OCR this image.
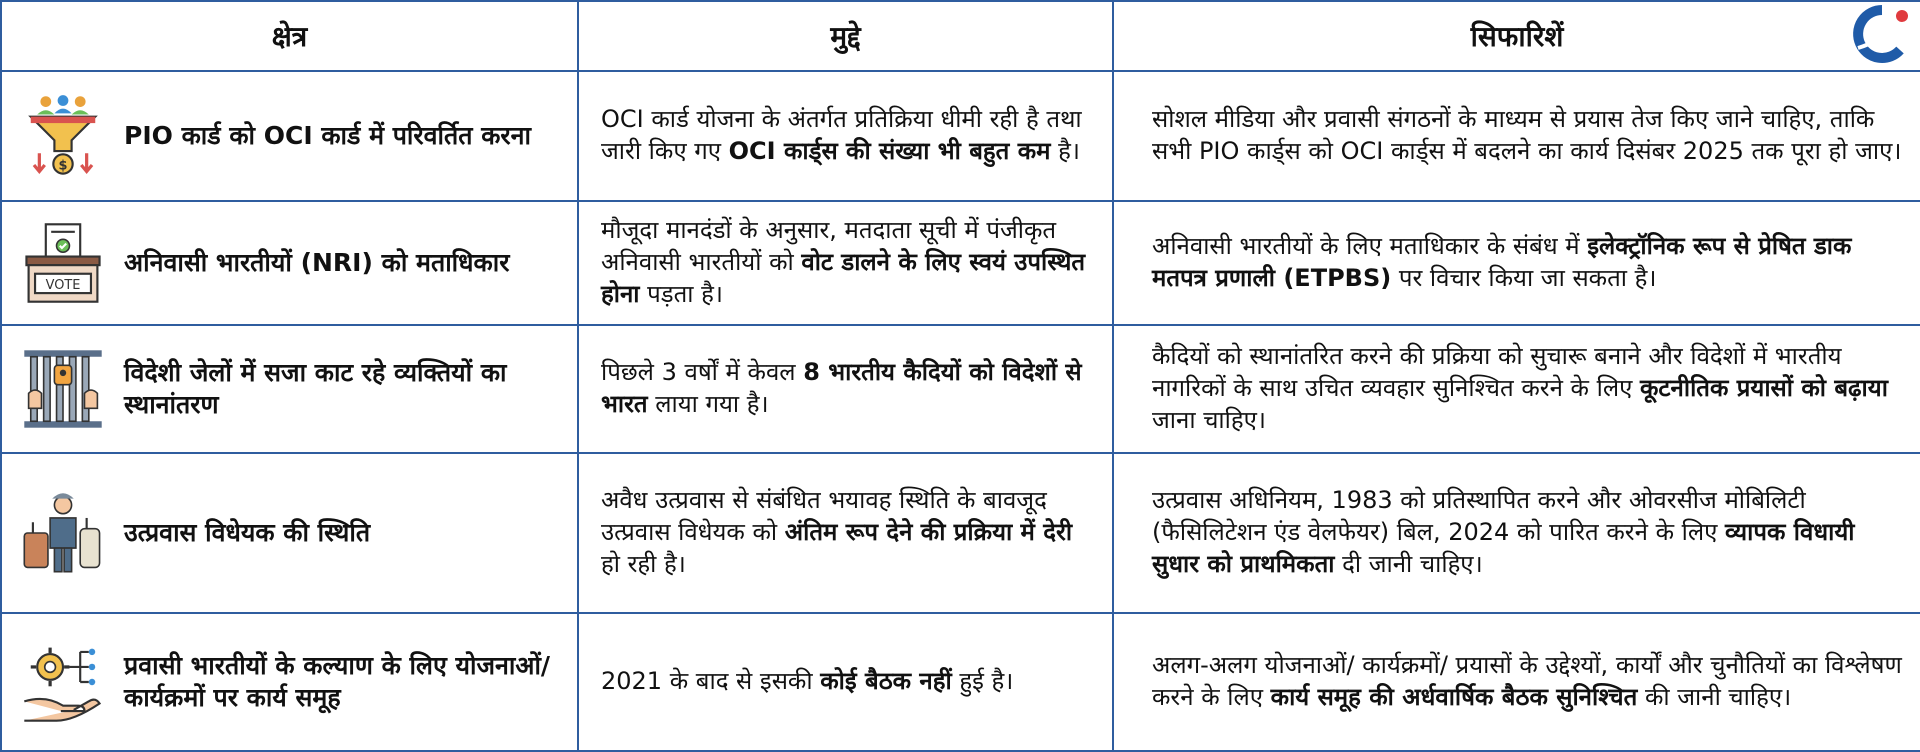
क्षेत्र	मुद्दे	सिफारिशें

$
PIO कार्ड को OCI कार्ड में परिवर्तित करना	OCI कार्ड योजना के अंतर्गत प्रतिक्रिया धीमी रही है तथा जारी किए गए OCI कार्ड्स की संख्या भी बहुत कम है।	सोशल मीडिया और प्रवासी संगठनों के माध्यम से प्रयास तेज किए जाने चाहिए, ताकि सभी PIO कार्ड्स को OCI कार्ड्स में बदलने का कार्य दिसंबर 2025 तक पूरा हो जाए।

VOTE
अनिवासी भारतीयों (NRI) को मताधिकार	मौजूदा मानदंडों के अनुसार, मतदाता सूची में पंजीकृत अनिवासी भारतीयों को वोट डालने के लिए स्वयं उपस्थित होना पड़ता है।	अनिवासी भारतीयों के लिए मताधिकार के संबंध में इलेक्ट्रॉनिक रूप से प्रेषित डाक मतपत्र प्रणाली (ETPBS) पर विचार किया जा सकता है।

विदेशी जेलों में सजा काट रहे व्यक्तियों का स्थानांतरण	पिछले 3 वर्षों में केवल 8 भारतीय कैदियों को विदेशों से भारत लाया गया है।	कैदियों को स्थानांतरित करने की प्रक्रिया को सुचारू बनाने और विदेशों में भारतीय नागरिकों के साथ उचित व्यवहार सुनिश्चित करने के लिए कूटनीतिक प्रयासों को बढ़ाया जाना चाहिए।

उत्प्रवास विधेयक की स्थिति	अवैध उत्प्रवास से संबंधित भयावह स्थिति के बावजूद उत्प्रवास विधेयक को अंतिम रूप देने की प्रक्रिया में देरी हो रही है।	उत्प्रवास अधिनियम, 1983 को प्रतिस्थापित करने और ओवरसीज मोबिलिटी (फैसिलिटेशन एंड वेलफेयर) बिल, 2024 को पारित करने के लिए व्यापक विधायी सुधार को प्राथमिकता दी जानी चाहिए।

प्रवासी भारतीयों के कल्याण के लिए योजनाओं/ कार्यक्रमों पर कार्य समूह	2021 के बाद से इसकी कोई बैठक नहीं हुई है।	अलग-अलग योजनाओं/ कार्यक्रमों/ प्रयासों के उद्देश्यों, कार्यों और चुनौतियों का विश्लेषण करने के लिए कार्य समूह की अर्धवार्षिक बैठक सुनिश्चित की जानी चाहिए।
